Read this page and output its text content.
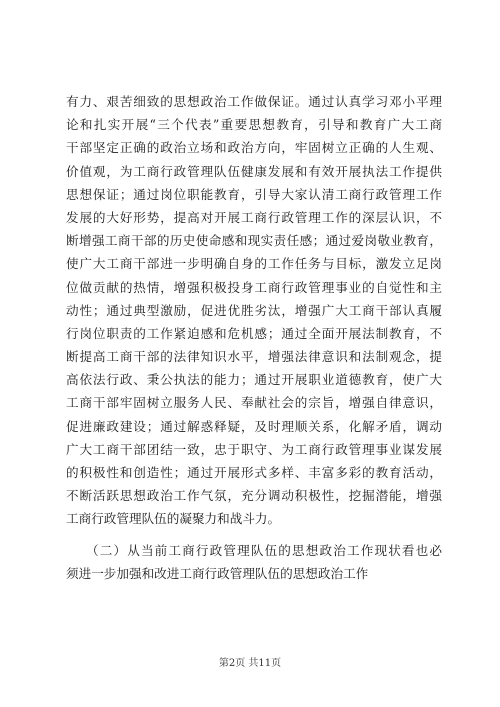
有力、艰苦细致的思想政治工作做保证。通过认真学习邓小平理
论和扎实开展“三个代表”重要思想教育，引导和教育广大工商
干部坚定正确的政治立场和政治方向，牢固树立正确的人生观、
价值观，为工商行政管理队伍健康发展和有效开展执法工作提供
思想保证；通过岗位职能教育，引导大家认清工商行政管理工作
发展的大好形势，提高对开展工商行政管理工作的深层认识，不
断增强工商干部的历史使命感和现实责任感；通过爱岗敬业教育，
使广大工商干部进一步明确自身的工作任务与目标，激发立足岗
位做贡献的热情，增强积极投身工商行政管理事业的自觉性和主
动性；通过典型激励，促进优胜劣汰，增强广大工商干部认真履
行岗位职责的工作紧迫感和危机感；通过全面开展法制教育，不
断提高工商干部的法律知识水平，增强法律意识和法制观念，提
高依法行政、秉公执法的能力；通过开展职业道德教育，使广大
工商干部牢固树立服务人民、奉献社会的宗旨，增强自律意识，
促进廉政建设；通过解惑释疑，及时理顺关系，化解矛盾，调动
广大工商干部团结一致，忠于职守、为工商行政管理事业谋发展
的积极性和创造性；通过开展形式多样、丰富多彩的教育活动，
不断活跃思想政治工作气氛，充分调动积极性，挖掘潜能，增强
工商行政管理队伍的凝聚力和战斗力。
（二）从当前工商行政管理队伍的思想政治工作现状看也必
须进一步加强和改进工商行政管理队伍的思想政治工作
第2页 共11页
